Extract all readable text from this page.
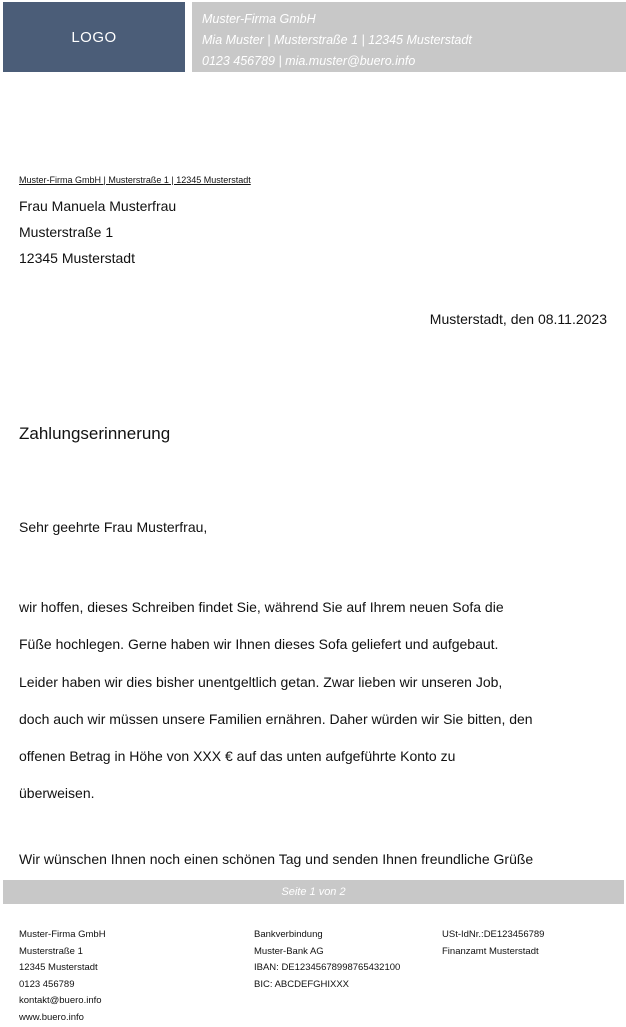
LOGO
Muster-Firma GmbH
Mia Muster | Musterstraße 1 | 12345 Musterstadt
0123 456789 | mia.muster@buero.info
Muster-Firma GmbH | Musterstraße 1 | 12345 Musterstadt
Frau Manuela Musterfrau
Musterstraße 1
12345 Musterstadt
Musterstadt, den 08.11.2023
Zahlungserinnerung
Sehr geehrte Frau Musterfrau,
wir hoffen, dieses Schreiben findet Sie, während Sie auf Ihrem neuen Sofa die
Füße hochlegen. Gerne haben wir Ihnen dieses Sofa geliefert und aufgebaut.
Leider haben wir dies bisher unentgeltlich getan. Zwar lieben wir unseren Job,
doch auch wir müssen unsere Familien ernähren. Daher würden wir Sie bitten, den
offenen Betrag in Höhe von XXX € auf das unten aufgeführte Konto zu
überweisen.
Wir wünschen Ihnen noch einen schönen Tag und senden Ihnen freundliche Grüße
Seite 1 von 2
Muster-Firma GmbH
Musterstraße 1
12345 Musterstadt
0123 456789
kontakt@buero.info
www.buero.info
Bankverbindung
Muster-Bank AG
IBAN: DE12345678998765432100
BIC: ABCDEFGHIXXX
USt-IdNr.:DE123456789
Finanzamt Musterstadt
